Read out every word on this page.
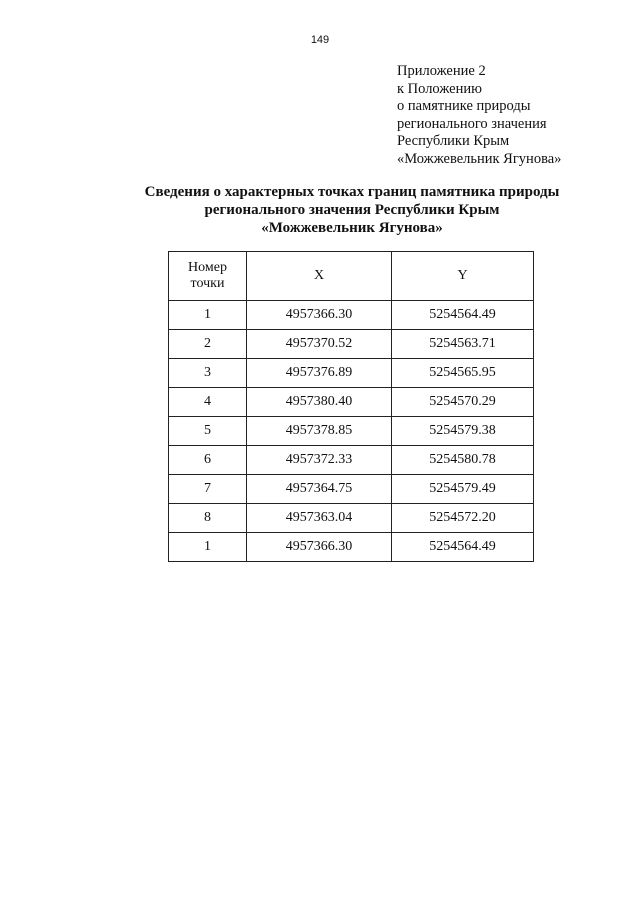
149
Приложение 2
к Положению
о памятнике природы
регионального значения
Республики Крым
«Можжевельник Ягунова»
Сведения о характерных точках границ памятника природы
регионального значения Республики Крым
«Можжевельник Ягунова»
Номер
точки	X	Y
1	4957366.30	5254564.49
2	4957370.52	5254563.71
3	4957376.89	5254565.95
4	4957380.40	5254570.29
5	4957378.85	5254579.38
6	4957372.33	5254580.78
7	4957364.75	5254579.49
8	4957363.04	5254572.20
1	4957366.30	5254564.49
